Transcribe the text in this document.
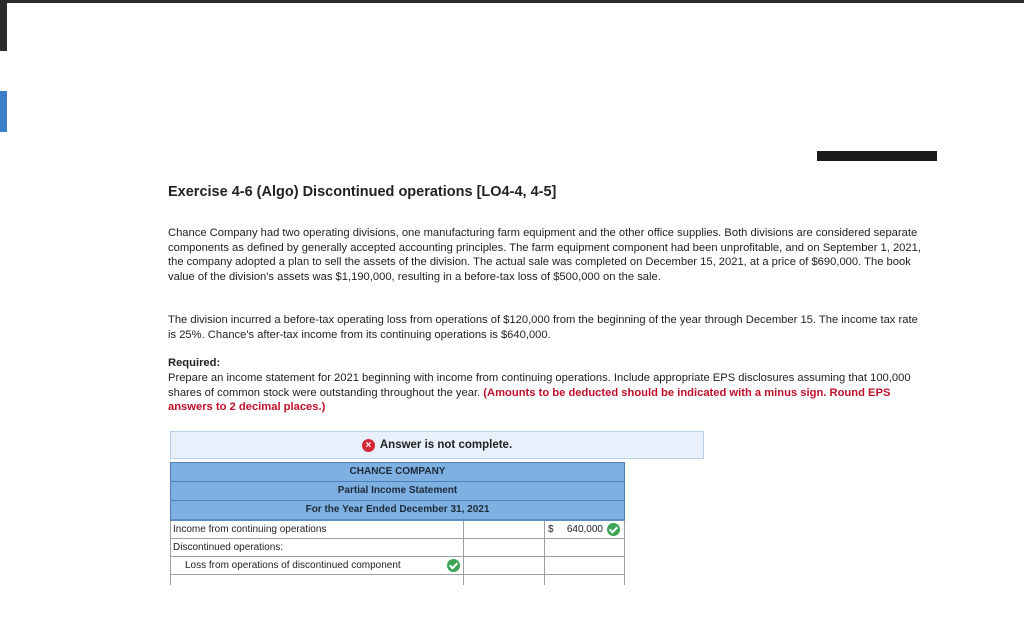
Exercise 4-6 (Algo) Discontinued operations [LO4-4, 4-5]

Chance Company had two operating divisions, one manufacturing farm equipment and the other office supplies. Both divisions are considered separate components as defined by generally accepted accounting principles. The farm equipment component had been unprofitable, and on September 1, 2021, the company adopted a plan to sell the assets of the division. The actual sale was completed on December 15, 2021, at a price of $690,000. The book value of the division's assets was $1,190,000, resulting in a before-tax loss of $500,000 on the sale.

The division incurred a before-tax operating loss from operations of $120,000 from the beginning of the year through December 15. The income tax rate is 25%. Chance's after-tax income from its continuing operations is $640,000.

Required:

Prepare an income statement for 2021 beginning with income from continuing operations. Include appropriate EPS disclosures assuming that 100,000 shares of common stock were outstanding throughout the year. (Amounts to be deducted should be indicated with a minus sign. Round EPS answers to 2 decimal places.)

× Answer is not complete.
CHANCE COMPANY
Partial Income Statement
For the Year Ended December 31, 2021
Income from continuing operations	$ 640,000
Discontinued operations:
Loss from operations of discontinued component
